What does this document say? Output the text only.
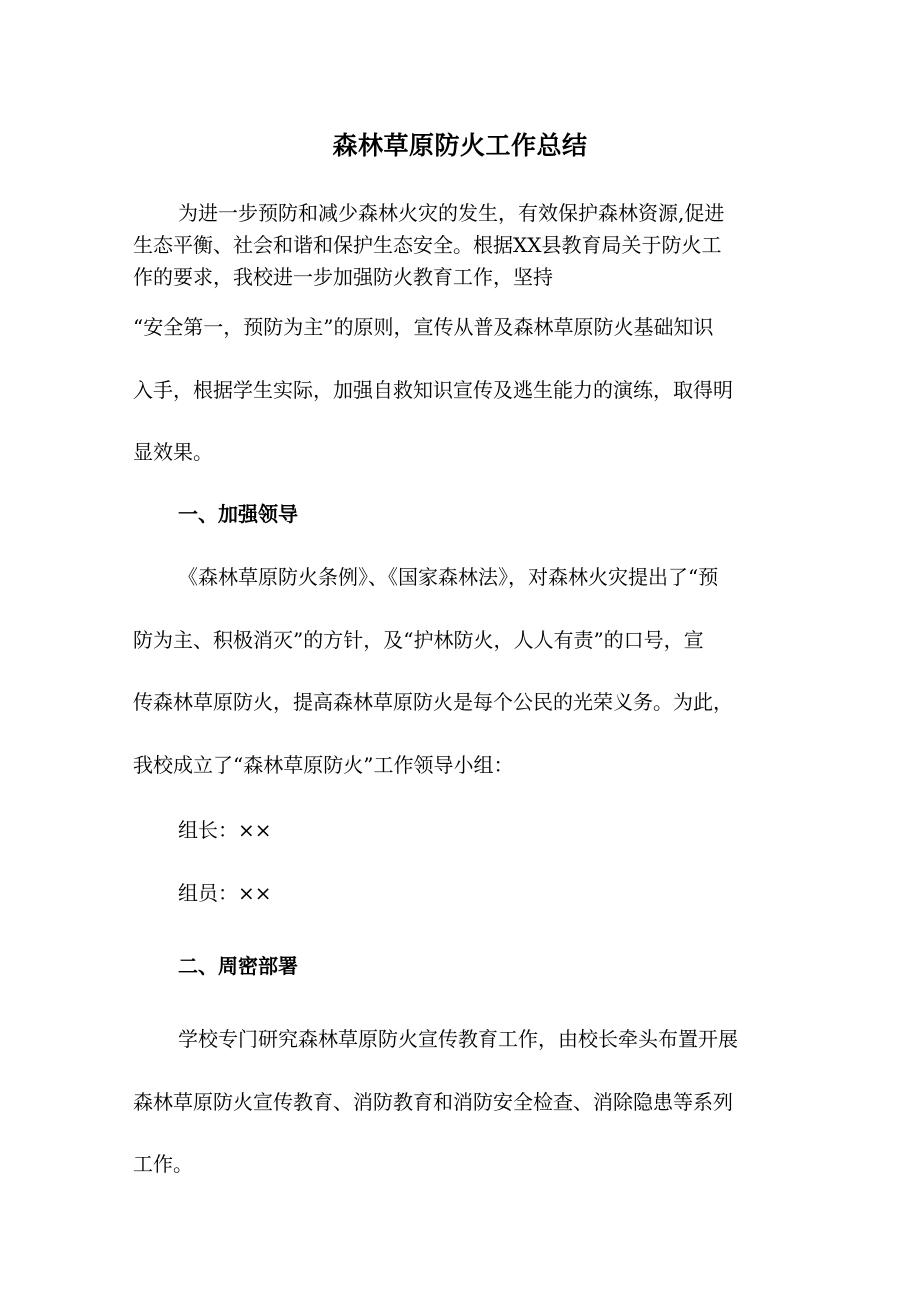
森林草原防火工作总结
为进一步预防和减少森林火灾的发生，有效保护森林资源,促进
生态平衡、社会和谐和保护生态安全。根据XX县教育局关于防火工
作的要求，我校进一步加强防火教育工作，坚持
“安全第一，预防为主”的原则，宣传从普及森林草原防火基础知识
入手，根据学生实际，加强自救知识宣传及逃生能力的演练，取得明
显效果。
一、加强领导
《森林草原防火条例》、《国家森林法》，对森林火灾提出了“预
防为主、积极消灭”的方针，及“护林防火，人人有责”的口号，宣
传森林草原防火，提高森林草原防火是每个公民的光荣义务。为此，
我校成立了“森林草原防火”工作领导小组：
组长：××
组员：××
二、周密部署
学校专门研究森林草原防火宣传教育工作，由校长牵头布置开展
森林草原防火宣传教育、消防教育和消防安全检查、消除隐患等系列
工作。
